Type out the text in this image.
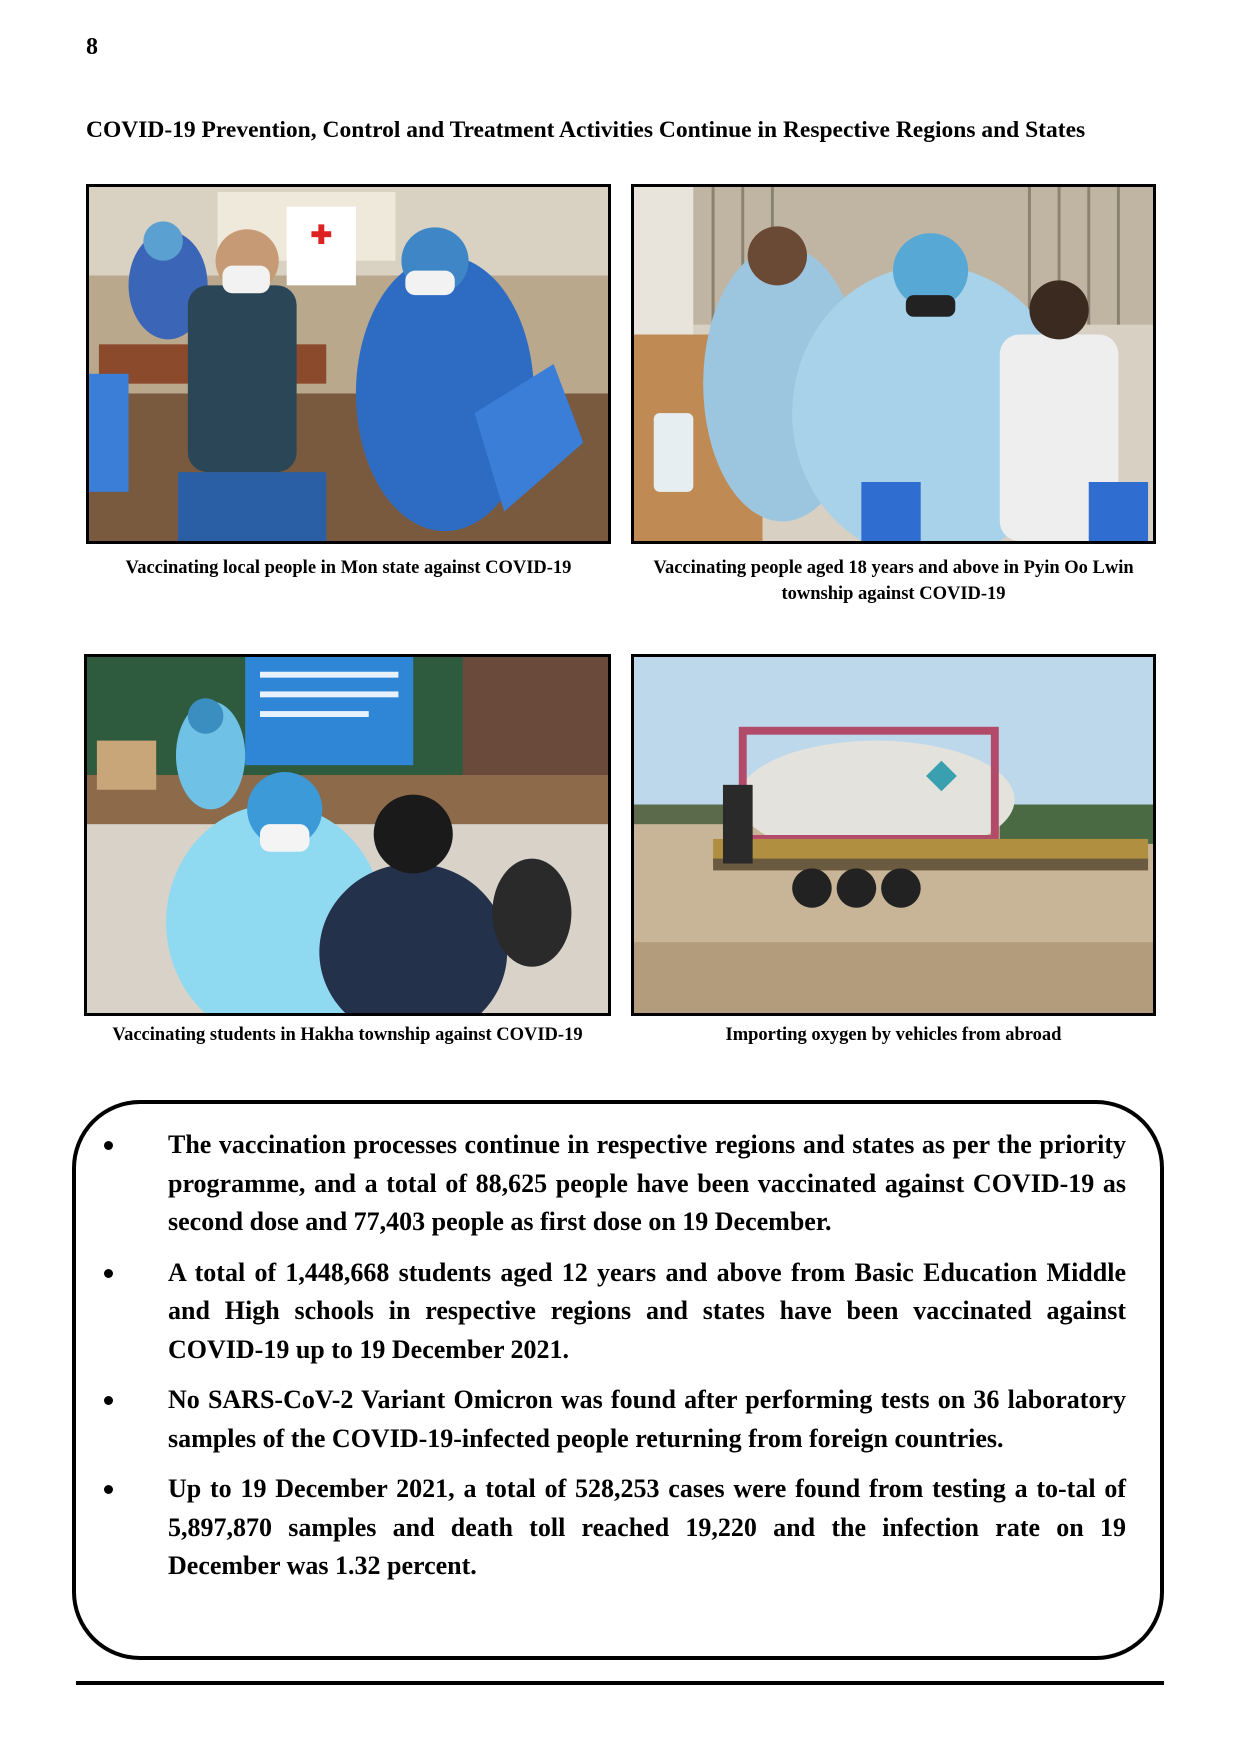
8
COVID-19 Prevention, Control and Treatment Activities Continue in Respective Regions and States
Vaccinating local people in Mon state against COVID-19	Vaccinating people aged 18 years and above in Pyin Oo Lwin township against COVID-19
Vaccinating students in Hakha township against COVID-19	Importing oxygen by vehicles from abroad
The vaccination processes continue in respective regions and states as per the priority programme, and a total of 88,625 people have been vaccinated against COVID-19 as second dose and 77,403 people as first dose on 19 December.
A total of 1,448,668 students aged 12 years and above from Basic Education Middle and High schools in respective regions and states have been vaccinated against COVID-19 up to 19 December 2021.
No SARS-CoV-2 Variant Omicron was found after performing tests on 36 laboratory samples of the COVID-19-infected people returning from foreign countries.
Up to 19 December 2021, a total of 528,253 cases were found from testing a to-tal of 5,897,870 samples and death toll reached 19,220 and the infection rate on 19 December was 1.32 percent.
